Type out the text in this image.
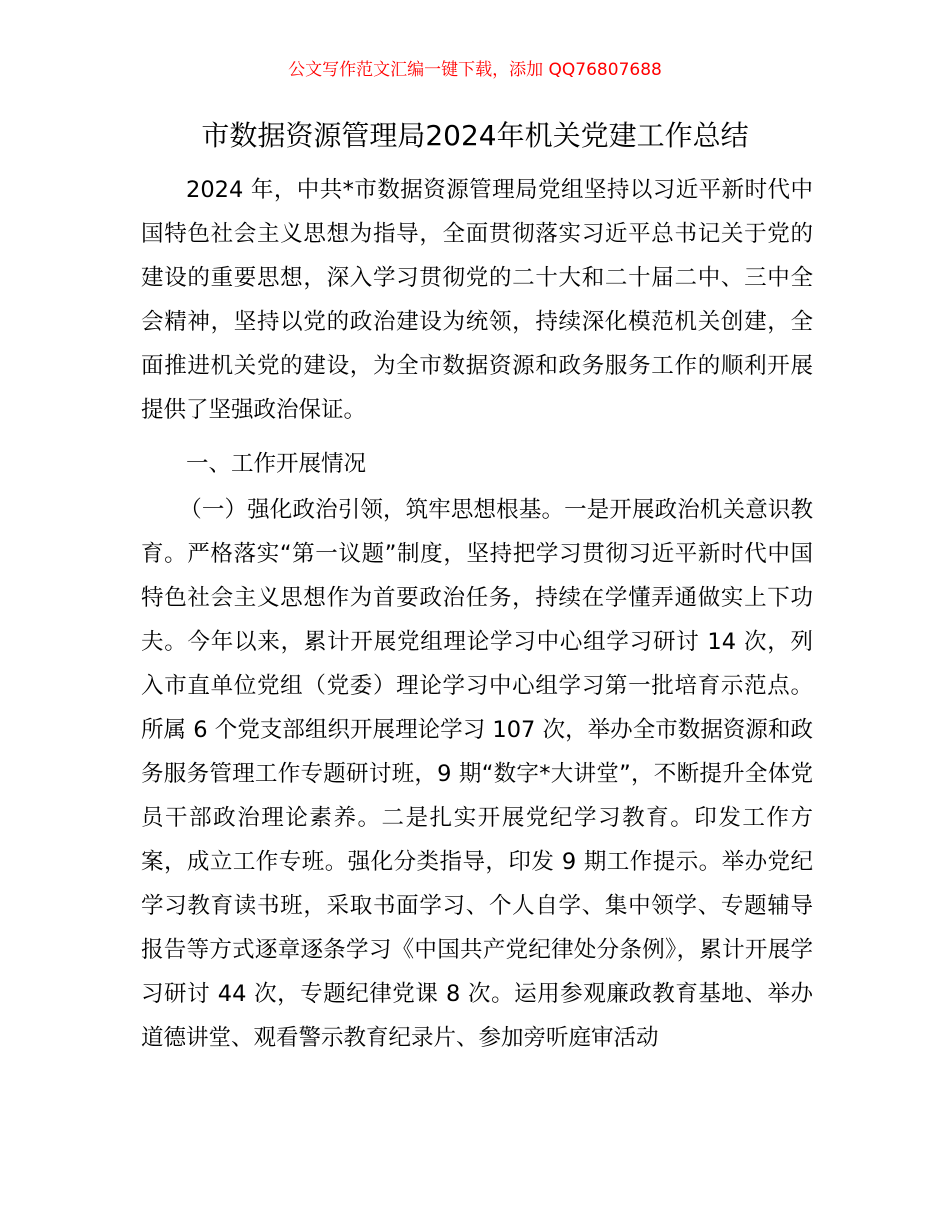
公文写作范文汇编一键下载，添加 QQ76807688
市数据资源管理局2024年机关党建工作总结

2024 年，中共*市数据资源管理局党组坚持以习近平新时代中国特色社会主义思想为指导，全面贯彻落实习近平总书记关于党的建设的重要思想，深入学习贯彻党的二十大和二十届二中、三中全会精神，坚持以党的政治建设为统领，持续深化模范机关创建，全面推进机关党的建设，为全市数据资源和政务服务工作的顺利开展提供了坚强政治保证。

一、工作开展情况

（一）强化政治引领，筑牢思想根基。一是开展政治机关意识教育。严格落实“第一议题”制度，坚持把学习贯彻习近平新时代中国特色社会主义思想作为首要政治任务，持续在学懂弄通做实上下功夫。今年以来，累计开展党组理论学习中心组学习研讨 14 次，列入市直单位党组（党委）理论学习中心组学习第一批培育示范点。所属 6 个党支部组织开展理论学习 107 次，举办全市数据资源和政务服务管理工作专题研讨班，9 期“数字*大讲堂”，不断提升全体党员干部政治理论素养。二是扎实开展党纪学习教育。印发工作方案，成立工作专班。强化分类指导，印发 9 期工作提示。举办党纪学习教育读书班，采取书面学习、个人自学、集中领学、专题辅导报告等方式逐章逐条学习《中国共产党纪律处分条例》，累计开展学习研讨 44 次，专题纪律党课 8 次。运用参观廉政教育基地、举办道德讲堂、观看警示教育纪录片、参加旁听庭审活动
